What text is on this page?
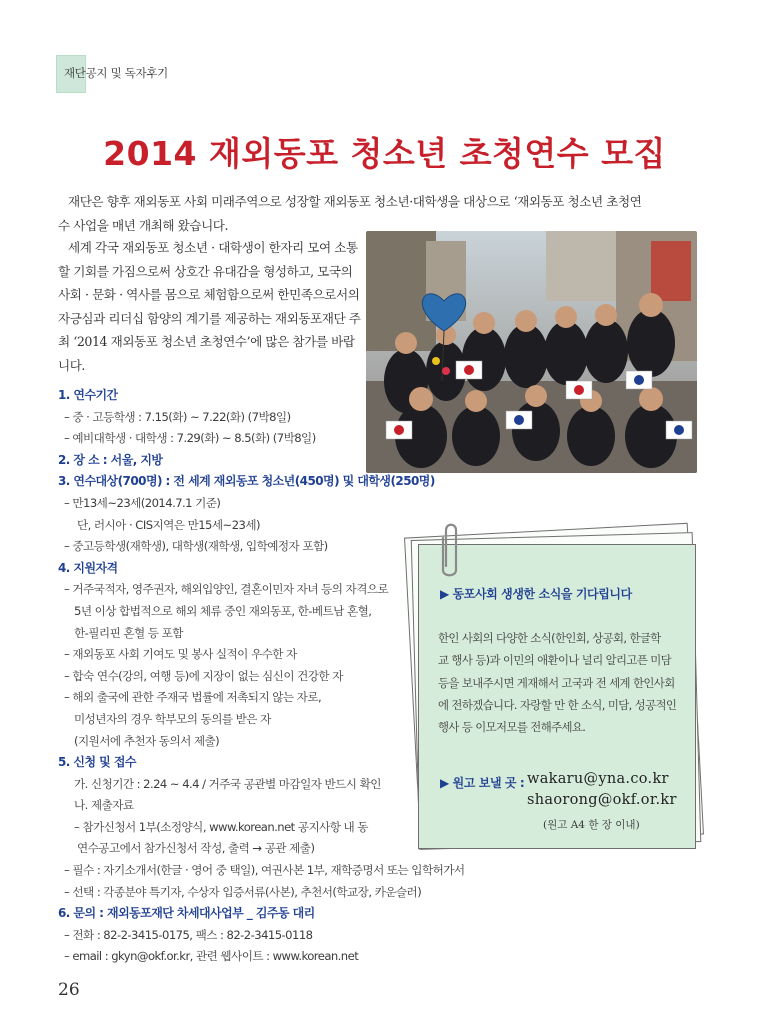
재단공지 및 독자후기
2014 재외동포 청소년 초청연수 모집

재단은 향후 재외동포 사회 미래주역으로 성장할 재외동포 청소년·대학생을 대상으로 ‘재외동포 청소년 초청연

수 사업을 매년 개최해 왔습니다.

세계 각국 재외동포 청소년 · 대학생이 한자리 모여 소통

할 기회를 가짐으로써 상호간 유대감을 형성하고, 모국의

사회 · 문화 · 역사를 몸으로 체험함으로써 한민족으로서의

자긍심과 리더십 함양의 계기를 제공하는 재외동포재단 주

최 ‘2014 재외동포 청소년 초청연수’에 많은 참가를 바랍

니다.

1. 연수기간
– 중 · 고등학생 : 7.15(화) ~ 7.22(화) (7박8일)
– 예비대학생 · 대학생 : 7.29(화) ~ 8.5(화) (7박8일)
2. 장 소 : 서울, 지방
3. 연수대상(700명) : 전 세계 재외동포 청소년(450명) 및 대학생(250명)
– 만13세~23세(2014.7.1 기준)
단, 러시아 · CIS지역은 만15세~23세)
– 중고등학생(재학생), 대학생(재학생, 입학예정자 포함)
4. 지원자격
– 거주국적자, 영주권자, 해외입양인, 결혼이민자 자녀 등의 자격으로
5년 이상 합법적으로 해외 체류 중인 재외동포, 한-베트남 혼혈,
한-필리핀 혼혈 등 포함
– 재외동포 사회 기여도 및 봉사 실적이 우수한 자
– 합숙 연수(강의, 여행 등)에 지장이 없는 심신이 건강한 자
– 해외 출국에 관한 주재국 법률에 저촉되지 않는 자로,
미성년자의 경우 학부모의 동의를 받은 자
(지원서에 추천자 동의서 제출)
5. 신청 및 접수
가. 신청기간 : 2.24 ~ 4.4 / 거주국 공관별 마감일자 반드시 확인
나. 제출자료
– 참가신청서 1부(소정양식, www.korean.net 공지사항 내 동
연수공고에서 참가신청서 작성, 출력 → 공관 제출)
– 필수 : 자기소개서(한글 · 영어 중 택일), 여권사본 1부, 재학증명서 또는 입학허가서
– 선택 : 각종분야 특기자, 수상자 입증서류(사본), 추천서(학교장, 카운슬러)
6. 문의 : 재외동포재단 차세대사업부 _ 김주동 대리
– 전화 : 82-2-3415-0175, 팩스 : 82-2-3415-0118
– email : gkyn@okf.or.kr, 관련 웹사이트 : www.korean.net
▶ 동포사회 생생한 소식을 기다립니다

한인 사회의 다양한 소식(한인회, 상공회, 한글학

교 행사 등)과 이민의 애환이나 널리 알리고픈 미담

등을 보내주시면 게재해서 고국과 전 세계 한인사회

에 전하겠습니다. 자랑할 만 한 소식, 미담, 성공적인

행사 등 이모저모를 전해주세요.

▶ 원고 보낼 곳 : wakaru@yna.co.kr
shaorong@okf.or.kr
(원고 A4 한 장 이내)
26
